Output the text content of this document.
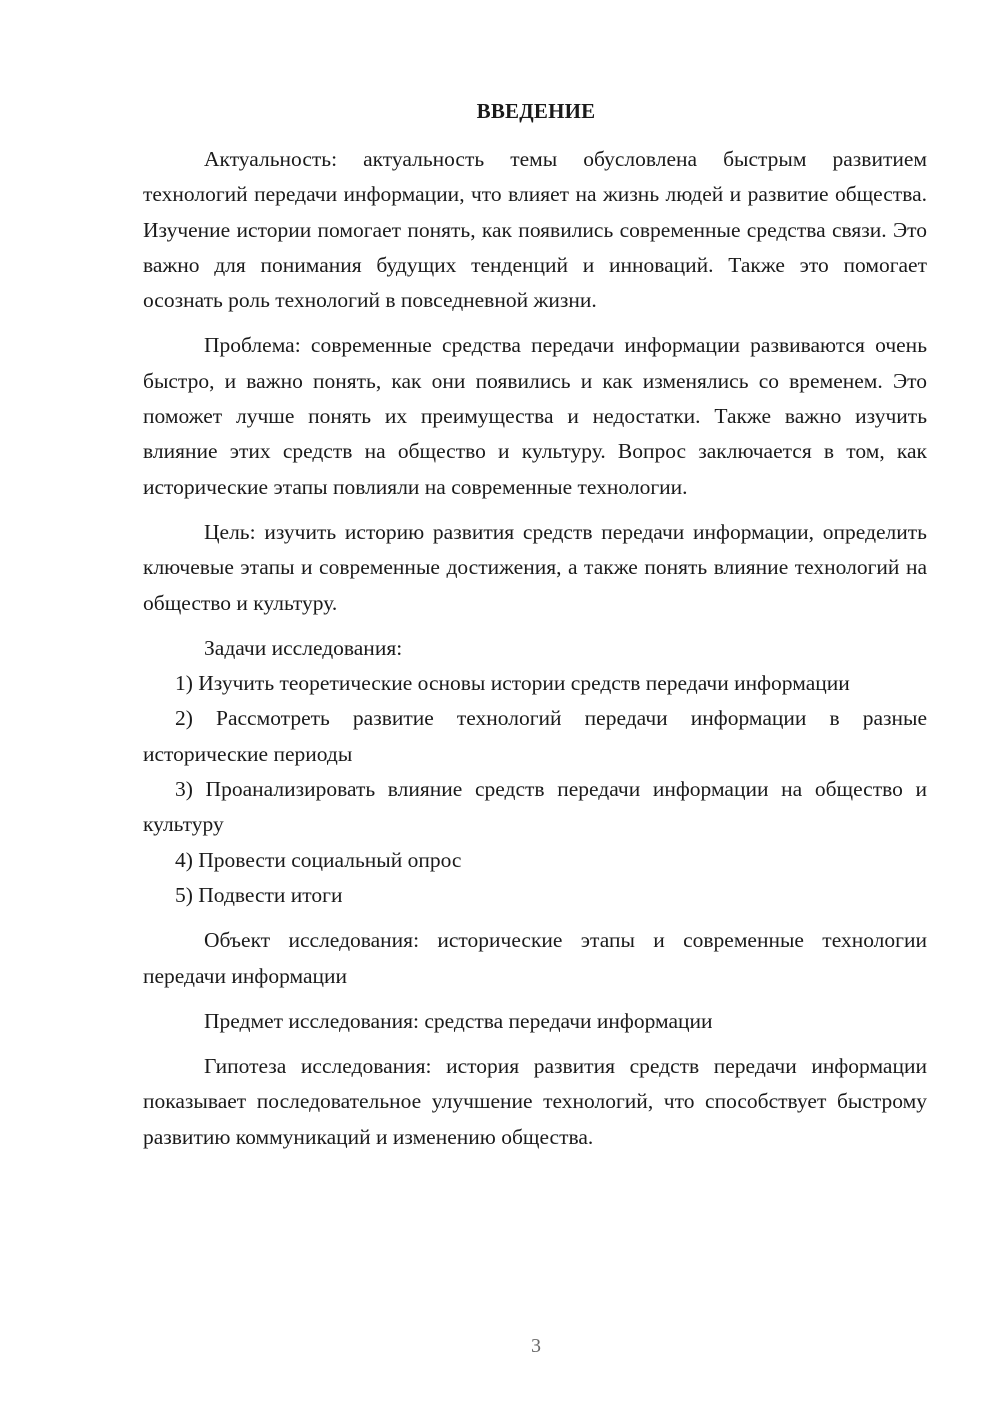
ВВЕДЕНИЕ

Актуальность: актуальность темы обусловлена быстрым развитием технологий передачи информации, что влияет на жизнь людей и развитие общества. Изучение истории помогает понять, как появились современные средства связи. Это важно для понимания будущих тенденций и инноваций. Также это помогает осознать роль технологий в повседневной жизни.

Проблема: современные средства передачи информации развиваются очень быстро, и важно понять, как они появились и как изменялись со временем. Это поможет лучше понять их преимущества и недостатки. Также важно изучить влияние этих средств на общество и культуру. Вопрос заключается в том, как исторические этапы повлияли на современные технологии.

Цель: изучить историю развития средств передачи информации, определить ключевые этапы и современные достижения, а также понять влияние технологий на общество и культуру.

Задачи исследования:

1) Изучить теоретические основы истории средств передачи информации

2) Рассмотреть развитие технологий передачи информации в разные исторические периоды

3) Проанализировать влияние средств передачи информации на общество и культуру

4) Провести социальный опрос

5) Подвести итоги

Объект исследования: исторические этапы и современные технологии передачи информации

Предмет исследования: средства передачи информации

Гипотеза исследования: история развития средств передачи информации показывает последовательное улучшение технологий, что способствует быстрому развитию коммуникаций и изменению общества.

3
